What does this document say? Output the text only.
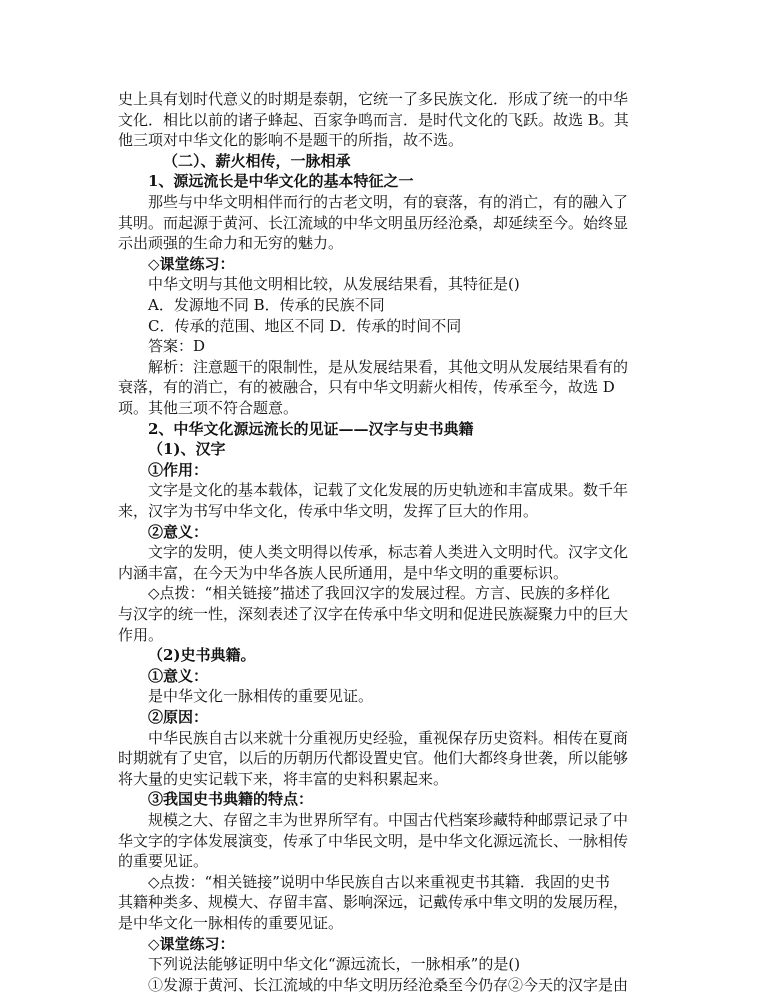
史上具有划时代意义的时期是泰朝，它统一了多民族文化．形成了统一的中华
文化．相比以前的诸子蜂起、百家争鸣而言．是时代文化的飞跃。故选 B。其
他三项对中华文化的影响不是题干的所指，故不选。
（二）、薪火相传，一脉相承
1、源远流长是中华文化的基本特征之一
那些与中华文明相伴而行的古老文明，有的衰落，有的消亡，有的融入了
其明。而起源于黄河、长江流域的中华文明虽历经沧桑，却延续至今。始终显
示出顽强的生命力和无穷的魅力。
◇课堂练习：
中华文明与其他文明相比较，从发展结果看，其特征是()
A．发源地不同 B．传承的民族不同
C．传承的范围、地区不同 D．传承的时间不同
答案：D
解析：注意题干的限制性，是从发展结果看，其他文明从发展结果看有的
衰落，有的消亡，有的被融合，只有中华文明薪火相传，传承至今，故选 D
项。其他三项不符合题意。
2、中华文化源远流长的见证——汉字与史书典籍
（1)、汉字
①作用：
文字是文化的基本载体，记载了文化发展的历史轨迹和丰富成果。数千年
来，汉字为书写中华文化，传承中华文明，发挥了巨大的作用。
②意义：
文字的发明，使人类文明得以传承，标志着人类进入文明时代。汉字文化
内涵丰富，在今天为中华各族人民所通用，是中华文明的重要标识。
◇点拨：“相关链接”描述了我回汉字的发展过程。方言、民族的多样化
与汉字的统一性，深刻表述了汉字在传承中华文明和促进民族凝聚力中的巨大
作用。
（2)史书典籍。
①意义：
是中华文化一脉相传的重要见证。
②原因：
中华民族自古以来就十分重视历史经验，重视保存历史资料。相传在夏商
时期就有了史官，以后的历朝历代都设置史官。他们大都终身世袭，所以能够
将大量的史实记载下来，将丰富的史料积累起来。
③我国史书典籍的特点：
规模之大、存留之丰为世界所罕有。中国古代档案珍藏特种邮票记录了中
华文字的字体发展演变，传承了中华民文明，是中华文化源远流长、一脉相传
的重要见证。
◇点拨：“相关链接”说明中华民族自古以来重视吏书其籍．我固的史书
其籍种类多、规模大、存留丰富、影响深远，记戴传承中隼文明的发展历程，
是中华文化一脉相传的重要见证。
◇课堂练习：
下列说法能够证明中华文化“源远流长，一脉相承”的是()
①发源于黄河、长江流域的中华文明历经沧桑至今仍存②今天的汉字是由
